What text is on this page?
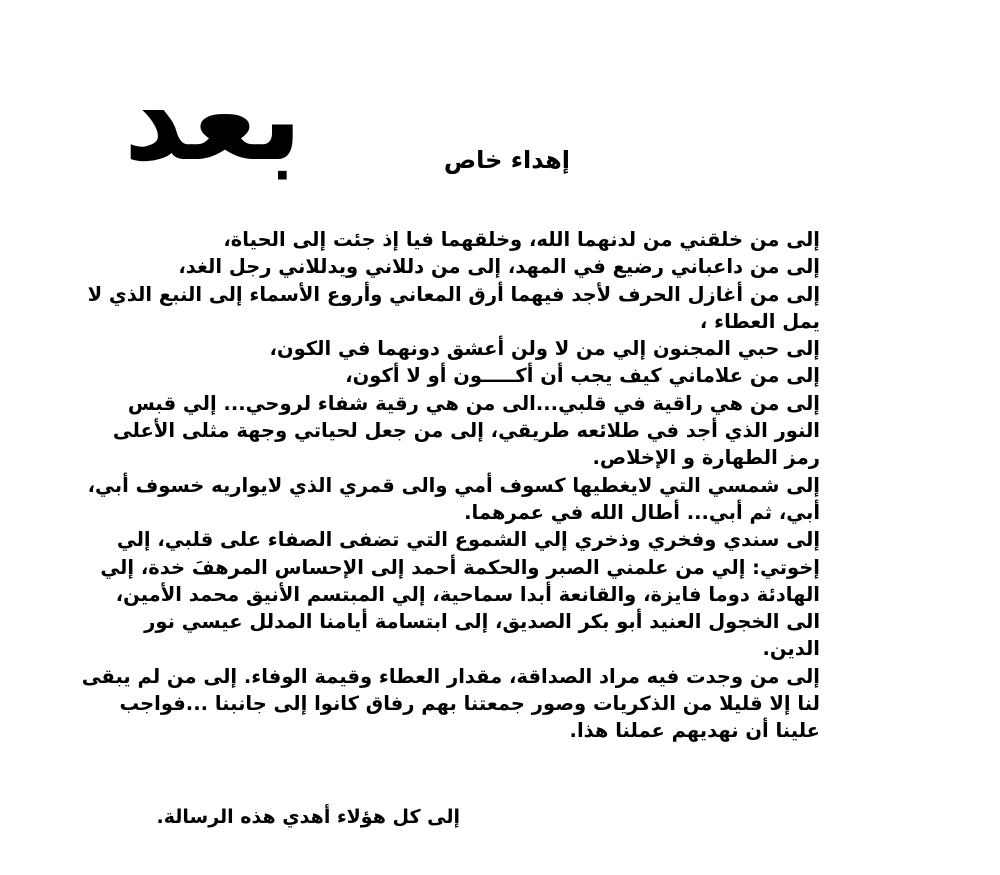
بعد	إهداء خاص

إلى من خلقني من لدنهما الله، وخلقهما فيا إذ جئت إلى الحياة،

إلى من داعباني رضيع في المهد، إلى من دللاني ويدللاني رجل الغد،

إلى من أغازل الحرف لأجد فيهما أرق المعاني وأروع الأسماء إلى النبع الذي لا يمل العطاء ،

إلى حبي المجنون إلي من لا ولن أعشق دونهما في الكون،

إلى من علاماني كيف يجب أن أكـــــون أو لا أكون،

إلى من هي راقية في قلبي...الى من هي رقية شفاء لروحي... إلي قبس النور الذي أجد في طلائعه طريقي، إلى من جعل لحياتي وجهة مثلى الأعلى رمز الطهارة و الإخلاص.

إلى شمسي التي لايغطيها كسوف أمي والى قمري الذي لايواريه خسوف أبي، أبي، ثم أبي... أطال الله في عمرهما.

إلى سندي وفخري وذخري إلي الشموع التي تضفى الصفاء على قلبي، إلي إخوتي: إلي من علمني الصبر والحكمة أحمد إلى الإحساس المرهفَ خدة، إلي الهادئة دوما فايزة، والقانعة أبدا سماحية، إلي المبتسم الأنيق محمد الأمين، الى الخجول العنيد أبو بكر الصديق، إلى ابتسامة أيامنا المدلل عيسي نور الدين.

إلى من وجدت فيه مراد الصداقة، مقدار العطاء وقيمة الوفاء. إلى من لم يبقى لنا إلا قليلا من الذكريات وصور جمعتنا بهم رفاق كانوا إلى جانبنا ...فواجب علينا أن نهديهم عملنا هذا.

إلى كل هؤلاء أهدي هذه الرسالة.
